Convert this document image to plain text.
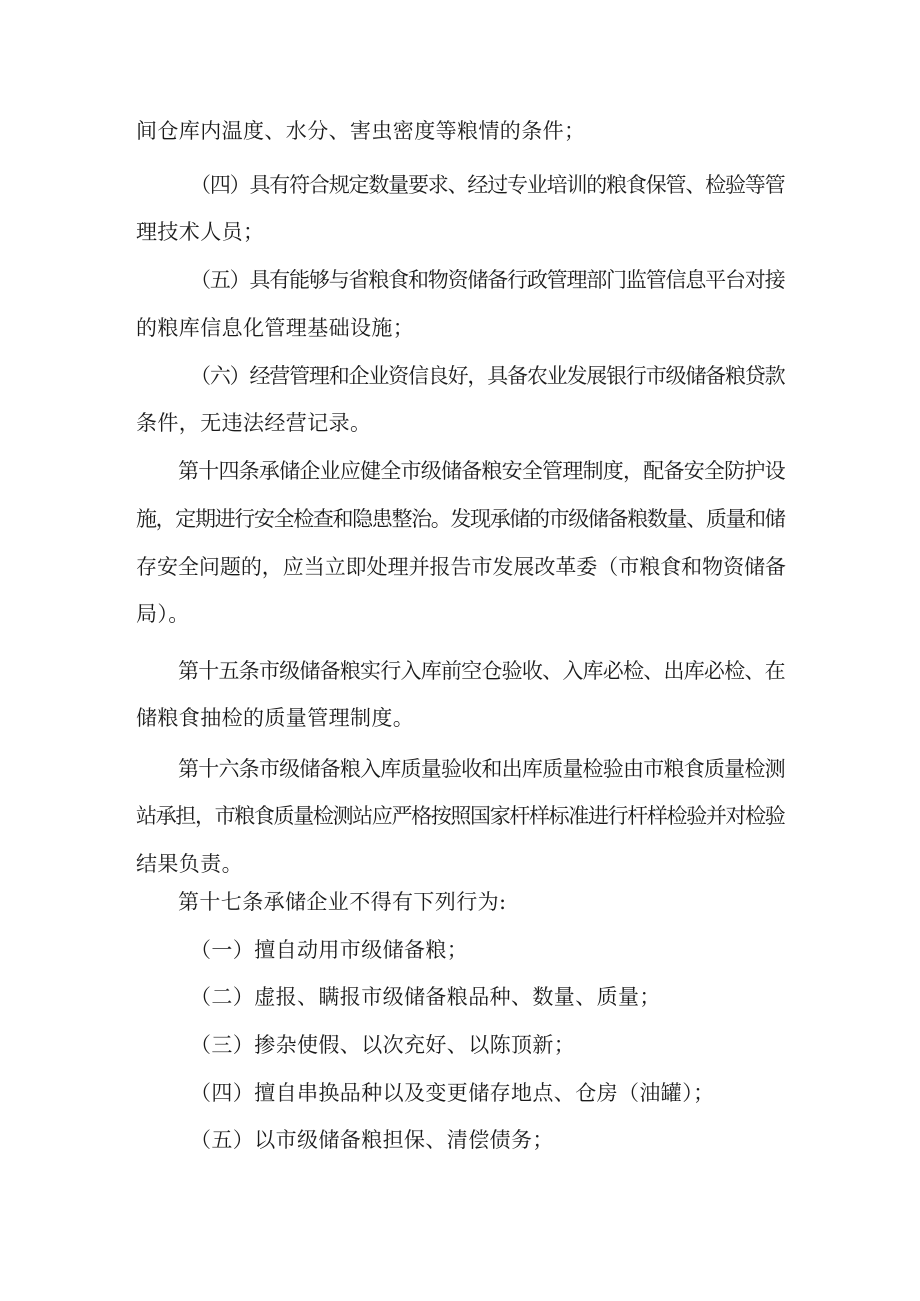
间仓库内温度、水分、害虫密度等粮情的条件；
（四）具有符合规定数量要求、经过专业培训的粮食保管、检验等管
理技术人员；
（五）具有能够与省粮食和物资储备行政管理部门监管信息平台对接
的粮库信息化管理基础设施；
（六）经营管理和企业资信良好，具备农业发展银行市级储备粮贷款
条件，无违法经营记录。
第十四条承储企业应健全市级储备粮安全管理制度，配备安全防护设
施，定期进行安全检查和隐患整治。发现承储的市级储备粮数量、质量和储
存安全问题的，应当立即处理并报告市发展改革委（市粮食和物资储备
局）。
第十五条市级储备粮实行入库前空仓验收、入库必检、出库必检、在
储粮食抽检的质量管理制度。
第十六条市级储备粮入库质量验收和出库质量检验由市粮食质量检测
站承担，市粮食质量检测站应严格按照国家杆样标准进行杆样检验并对检验
结果负责。
第十七条承储企业不得有下列行为:
（一）擅自动用市级储备粮；
（二）虚报、瞒报市级储备粮品种、数量、质量；
（三）掺杂使假、以次充好、以陈顶新；
（四）擅自串换品种以及变更储存地点、仓房（油罐）；
（五）以市级储备粮担保、清偿债务；
